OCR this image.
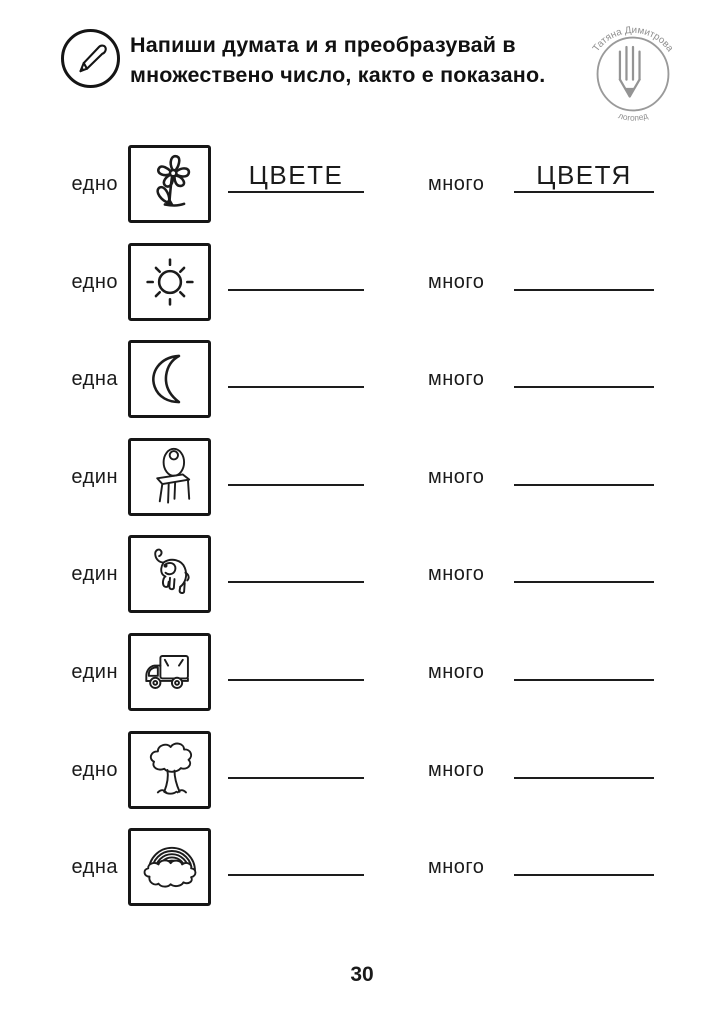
Напиши думата и я преобразувай в
множествено число, както е показано.
Татяна Димитрова
логопед
едно	ЦВЕТЕ	много ЦВЕТЯ
едно	много
една	много
един	много
един	много
един	много
едно	много
една	много
30
